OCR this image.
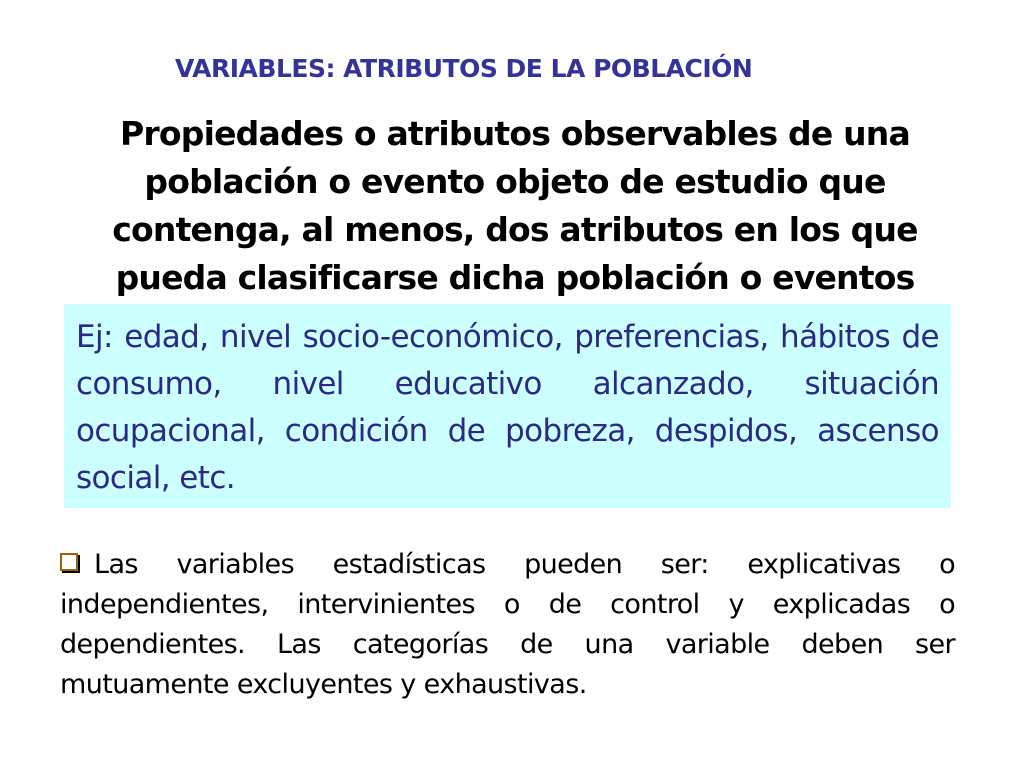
VARIABLES: ATRIBUTOS DE LA POBLACIÓN
Propiedades o atributos observables de una población o evento objeto de estudio que contenga, al menos, dos atributos en los que pueda clasificarse dicha población o eventos

Ej: edad, nivel socio-económico, preferencias, hábitos de consumo, nivel educativo alcanzado, situación ocupacional, condición de pobreza, despidos, ascenso social, etc.

Las variables estadísticas pueden ser: explicativas o independientes, intervinientes o de control y explicadas o dependientes. Las categorías de una variable deben ser mutuamente excluyentes y exhaustivas.
